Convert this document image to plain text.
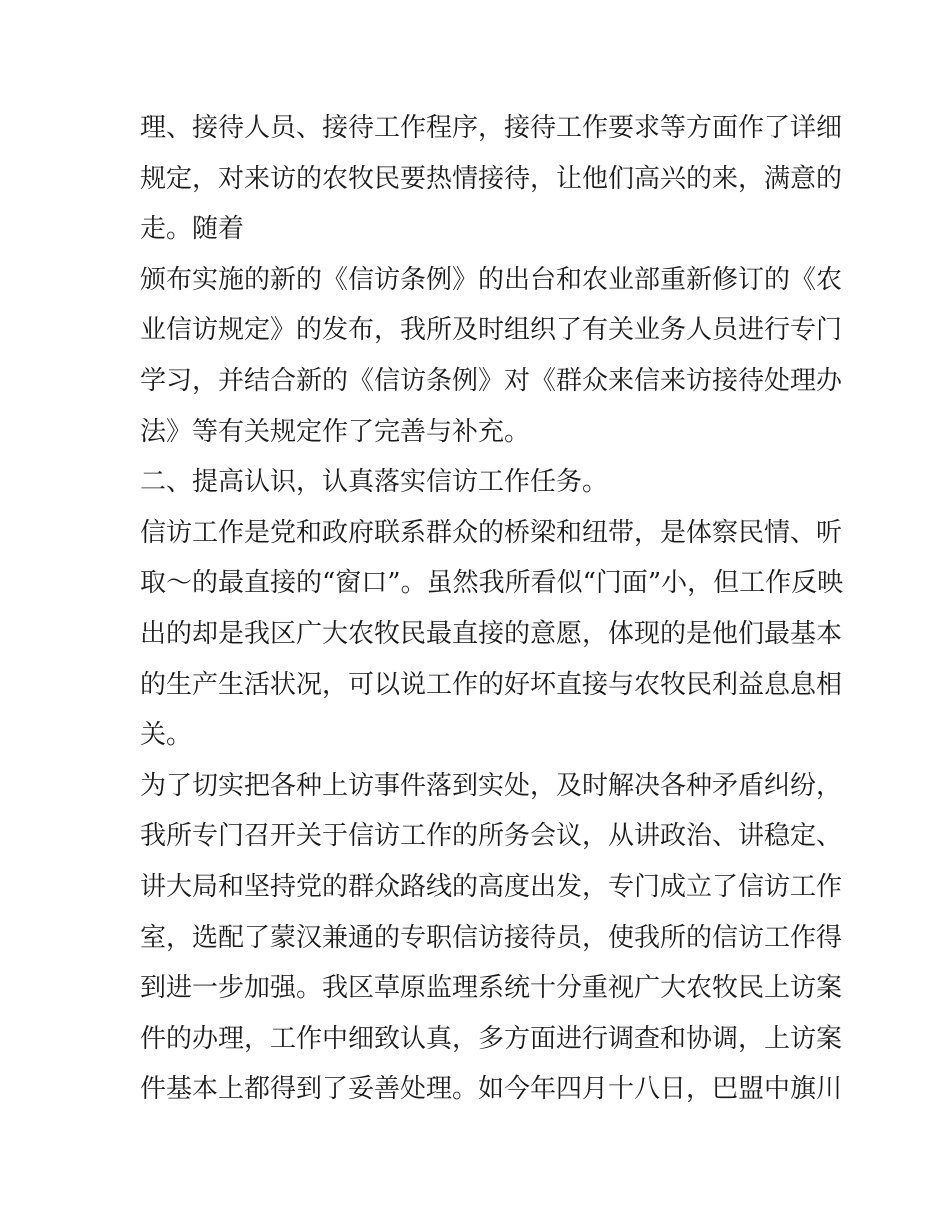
理、接待人员、接待工作程序，接待工作要求等方面作了详细
规定，对来访的农牧民要热情接待，让他们高兴的来，满意的
走。随着
颁布实施的新的《信访条例》的出台和农业部重新修订的《农
业信访规定》的发布，我所及时组织了有关业务人员进行专门
学习，并结合新的《信访条例》对《群众来信来访接待处理办
法》等有关规定作了完善与补充。
二、提高认识，认真落实信访工作任务。
信访工作是党和政府联系群众的桥梁和纽带，是体察民情、听
取～的最直接的“窗口”。虽然我所看似“门面”小，但工作反映
出的却是我区广大农牧民最直接的意愿，体现的是他们最基本
的生产生活状况，可以说工作的好坏直接与农牧民利益息息相
关。
为了切实把各种上访事件落到实处，及时解决各种矛盾纠纷，
我所专门召开关于信访工作的所务会议，从讲政治、讲稳定、
讲大局和坚持党的群众路线的高度出发，专门成立了信访工作
室，选配了蒙汉兼通的专职信访接待员，使我所的信访工作得
到进一步加强。我区草原监理系统十分重视广大农牧民上访案
件的办理，工作中细致认真，多方面进行调查和协调，上访案
件基本上都得到了妥善处理。如今年四月十八日，巴盟中旗川
